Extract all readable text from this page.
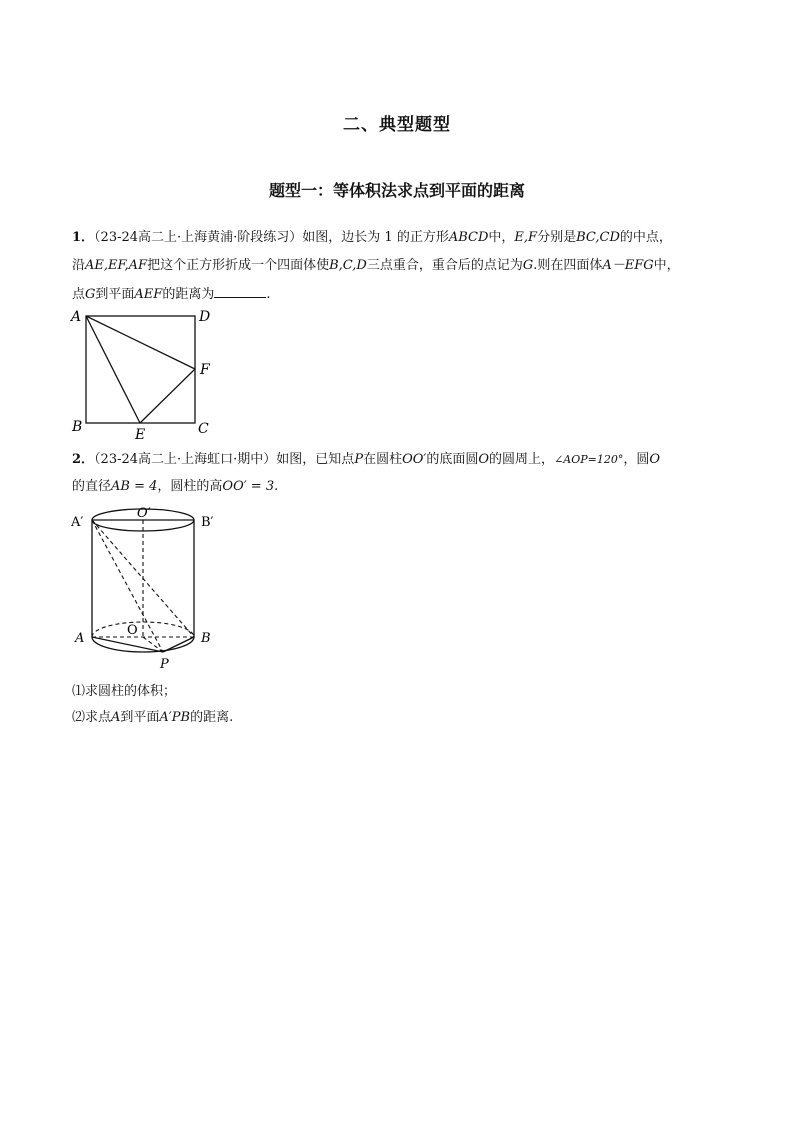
二、典型题型
题型一：等体积法求点到平面的距离
1．（23-24高二上·上海黄浦·阶段练习）如图，边长为 1 的正方形ABCD中，E,F分别是BC,CD的中点，
沿AE,EF,AF把这个正方形折成一个四面体使B,C,D三点重合，重合后的点记为G.则在四面体A－EFG中，
点G到平面AEF的距离为	.
A	D
F
B	E	C
2．（23-24高二上·上海虹口·期中）如图，已知点P在圆柱OO′的底面圆O的圆周上，∠AOP=120°，圆O
的直径AB = 4，圆柱的高OO′ = 3.
A′
O′
B′
A
O
B
P
⑴求圆柱的体积；
⑵求点A到平面A′PB的距离.
